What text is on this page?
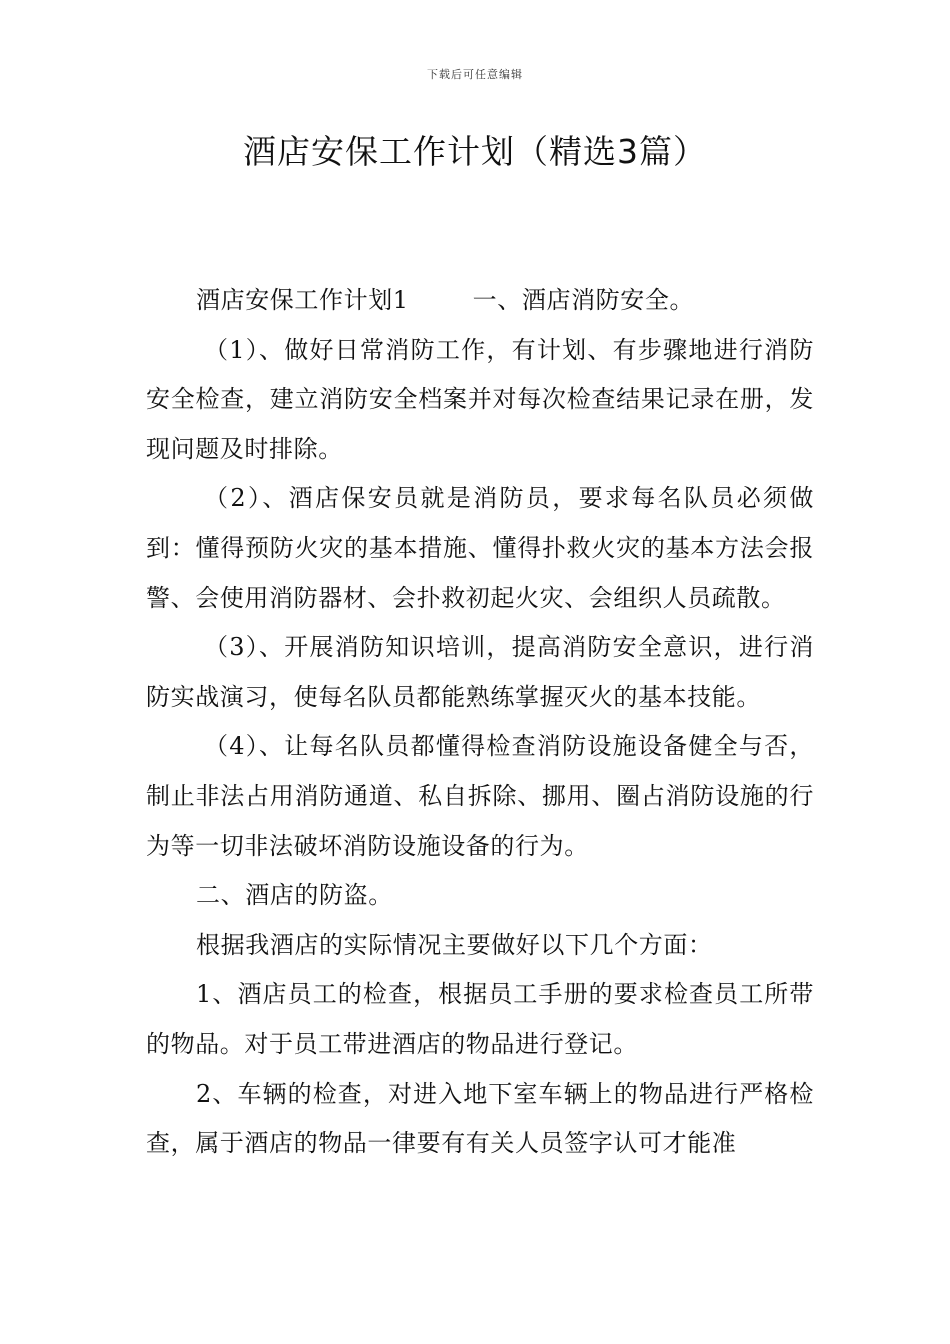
下载后可任意编辑
酒店安保工作计划（精选3篇）

酒店安保工作计划1	一、酒店消防安全。

（1）、做好日常消防工作，有计划、有步骤地进行消防安全检查，建立消防安全档案并对每次检查结果记录在册，发现问题及时排除。

（2）、酒店保安员就是消防员，要求每名队员必须做到：懂得预防火灾的基本措施、懂得扑救火灾的基本方法会报警、会使用消防器材、会扑救初起火灾、会组织人员疏散。

（3）、开展消防知识培训，提高消防安全意识，进行消防实战演习，使每名队员都能熟练掌握灭火的基本技能。

（4）、让每名队员都懂得检查消防设施设备健全与否，制止非法占用消防通道、私自拆除、挪用、圈占消防设施的行为等一切非法破坏消防设施设备的行为。

二、酒店的防盗。

根据我酒店的实际情况主要做好以下几个方面：

1、酒店员工的检查，根据员工手册的要求检查员工所带的物品。对于员工带进酒店的物品进行登记。

2、车辆的检查，对进入地下室车辆上的物品进行严格检查，属于酒店的物品一律要有有关人员签字认可才能准
